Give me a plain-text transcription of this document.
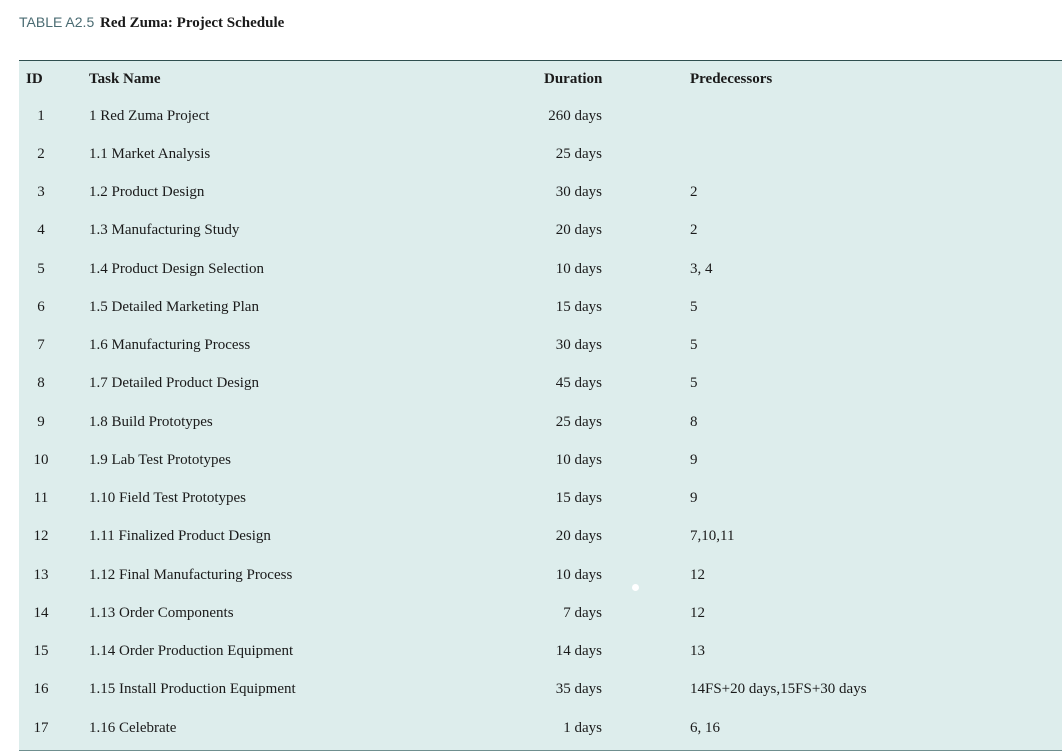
TABLE A2.5 Red Zuma: Project Schedule
ID	Task Name	Duration	Predecessors
1	1 Red Zuma Project	260 days	
2	1.1 Market Analysis	25 days	
3	1.2 Product Design	30 days	2
4	1.3 Manufacturing Study	20 days	2
5	1.4 Product Design Selection	10 days	3, 4
6	1.5 Detailed Marketing Plan	15 days	5
7	1.6 Manufacturing Process	30 days	5
8	1.7 Detailed Product Design	45 days	5
9	1.8 Build Prototypes	25 days	8
10	1.9 Lab Test Prototypes	10 days	9
11	1.10 Field Test Prototypes	15 days	9
12	1.11 Finalized Product Design	20 days	7,10,11
13	1.12 Final Manufacturing Process	10 days	12
14	1.13 Order Components	7 days	12
15	1.14 Order Production Equipment	14 days	13
16	1.15 Install Production Equipment	35 days	14FS+20 days,15FS+30 days
17	1.16 Celebrate	1 days	6, 16
